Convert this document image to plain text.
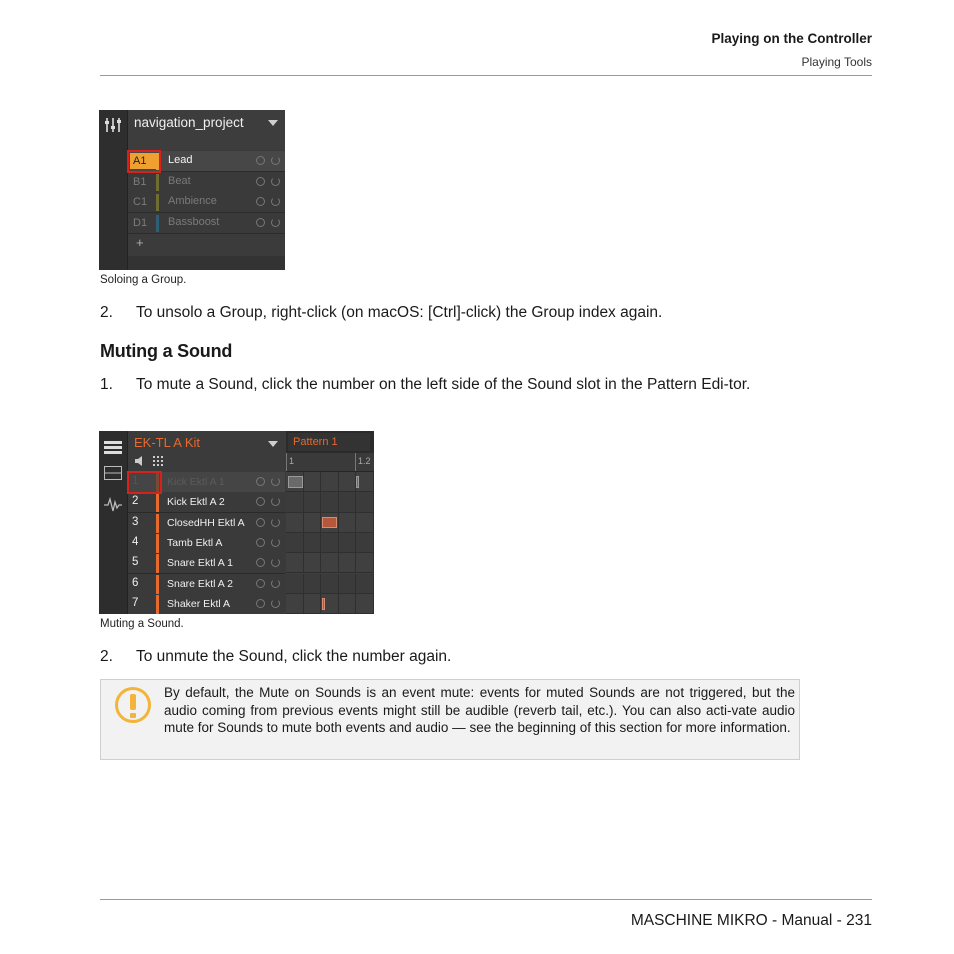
Playing on the Controller
Playing Tools
navigation_project
A1	Lead
B1	Beat
C1	Ambience
D1	Bassboost
+
Soloing a Group.
2. To unsolo a Group, right-click (on macOS: [Ctrl]-click) the Group index again.
Muting a Sound
1. To mute a Sound, click the number on the left side of the Sound slot in the Pattern Edi-tor.
EK-TL A Kit
1	Kick Ektl A 1
2	Kick Ektl A 2
3	ClosedHH Ektl A
4	Tamb Ektl A
5	Snare Ektl A 1
6	Snare Ektl A 2
7	Shaker Ektl A
Pattern 1
1	1.2
Muting a Sound.
2. To unmute the Sound, click the number again.
By default, the Mute on Sounds is an event mute: events for muted Sounds are not triggered, but the audio coming from previous events might still be audible (reverb tail, etc.). You can also acti-vate audio mute for Sounds to mute both events and audio — see the beginning of this section for more information.
MASCHINE MIKRO - Manual - 231
